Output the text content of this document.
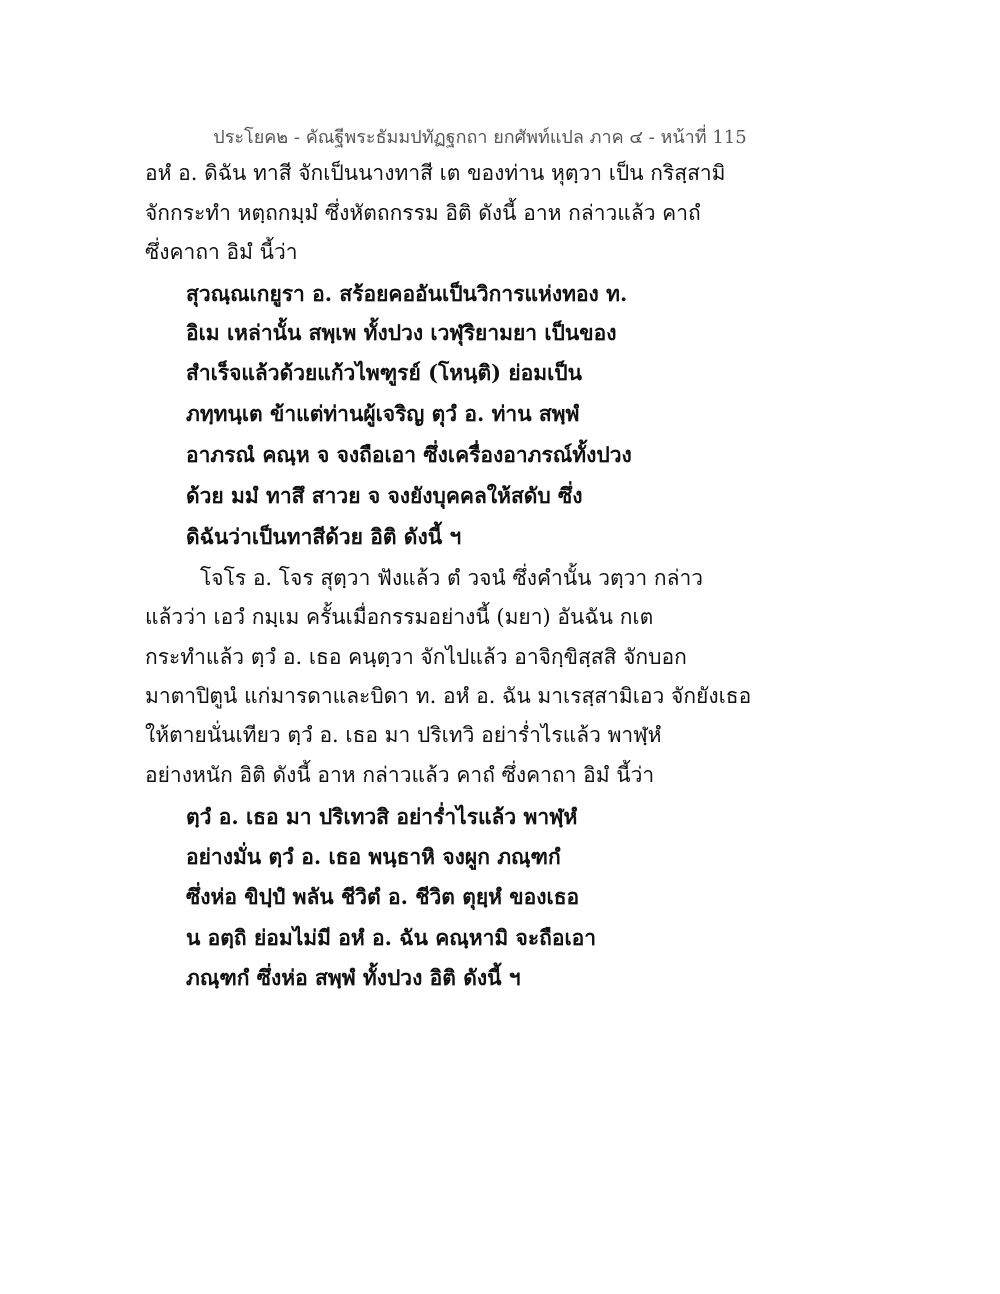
ประโยค๒ - คัณฐีพระธัมมปทัฏฐกถา ยกศัพท์แปล ภาค ๔ - หน้าที่ 115
อหํ อ. ดิฉัน ทาสี จักเป็นนางทาสี เต ของท่าน หุตฺวา เป็น กริสฺสามิ
จักกระทำ หตฺถกมฺมํ ซึ่งหัตถกรรม อิติ ดังนี้ อาห กล่าวแล้ว คาถํ
ซึ่งคาถา อิมํ นี้ว่า
สุวณฺณเกยูรา อ. สร้อยคออันเป็นวิการแห่งทอง ท.
อิเม เหล่านั้น สพฺเพ ทั้งปวง เวฬุริยามยา เป็นของ
สำเร็จแล้วด้วยแก้วไพฑูรย์ (โหนฺติ) ย่อมเป็น
ภทฺทนฺเต ข้าแต่ท่านผู้เจริญ ตุวํ อ. ท่าน สพฺพํ
อาภรณํ คณฺห จ จงถือเอา ซึ่งเครื่องอาภรณ์ทั้งปวง
ด้วย มมํ ทาสึ สาวย จ จงยังบุคคลให้สดับ ซึ่ง
ดิฉันว่าเป็นทาสีด้วย อิติ ดังนี้ ฯ
โจโร อ. โจร สุตฺวา ฟังแล้ว ตํ วจนํ ซึ่งคำนั้น วตฺวา กล่าว
แล้วว่า เอวํ กมฺเม ครั้นเมื่อกรรมอย่างนี้ (มยา) อันฉัน กเต
กระทำแล้ว ตฺวํ อ. เธอ คนฺตฺวา จักไปแล้ว อาจิกฺขิสฺสสิ จักบอก
มาตาปิตูนํ แก่มารดาและบิดา ท. อหํ อ. ฉัน มาเรสฺสามิเอว จักยังเธอ
ให้ตายนั่นเทียว ตฺวํ อ. เธอ มา ปริเทวิ อย่าร่ำไรแล้ว พาฬฺหํ
อย่างหนัก อิติ ดังนี้ อาห กล่าวแล้ว คาถํ ซึ่งคาถา อิมํ นี้ว่า
ตฺวํ อ. เธอ มา ปริเทวสิ อย่าร่ำไรแล้ว พาฬฺหํ
อย่างมั่น ตฺวํ อ. เธอ พนฺธาหิ จงผูก ภณฺฑกํ
ซึ่งห่อ ขิปฺปํ พลัน ชีวิตํ อ. ชีวิต ตุยฺหํ ของเธอ
น อตฺถิ ย่อมไม่มี อหํ อ. ฉัน คณฺหามิ จะถือเอา
ภณฺฑกํ ซึ่งห่อ สพฺพํ ทั้งปวง อิติ ดังนี้ ฯ
